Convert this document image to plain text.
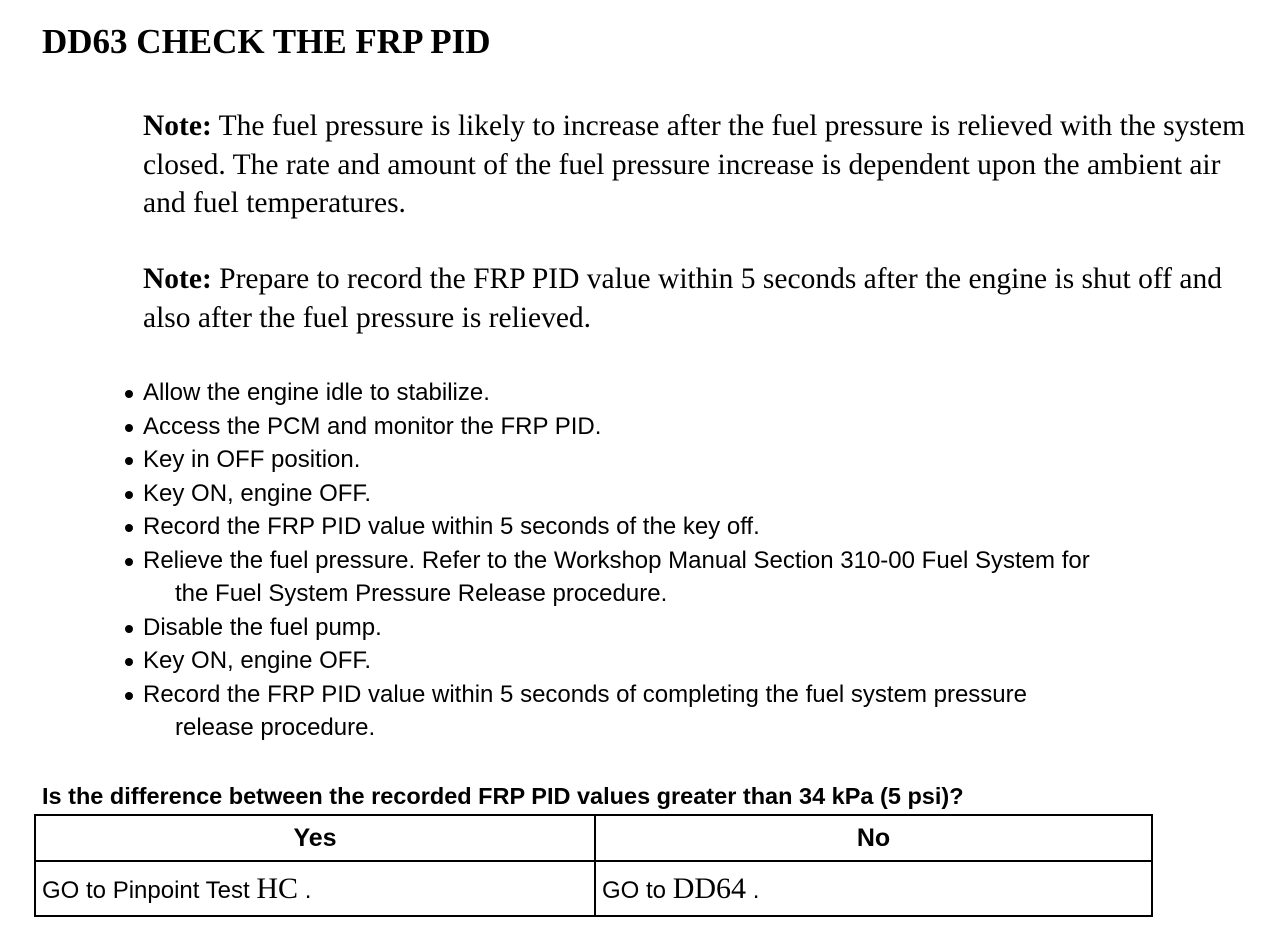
DD63 CHECK THE FRP PID
Note: The fuel pressure is likely to increase after the fuel pressure is relieved with the system closed. The rate and amount of the fuel pressure increase is dependent upon the ambient air and fuel temperatures.
Note: Prepare to record the FRP PID value within 5 seconds after the engine is shut off and also after the fuel pressure is relieved.
Allow the engine idle to stabilize.
Access the PCM and monitor the FRP PID.
Key in OFF position.
Key ON, engine OFF.
Record the FRP PID value within 5 seconds of the key off.
Relieve the fuel pressure. Refer to the Workshop Manual Section 310-00 Fuel System for
the Fuel System Pressure Release procedure.
Disable the fuel pump.
Key ON, engine OFF.
Record the FRP PID value within 5 seconds of completing the fuel system pressure
release procedure.
Is the difference between the recorded FRP PID values greater than 34 kPa (5 psi)?
Yes	No
GO to Pinpoint Test HC .	GO to DD64 .
